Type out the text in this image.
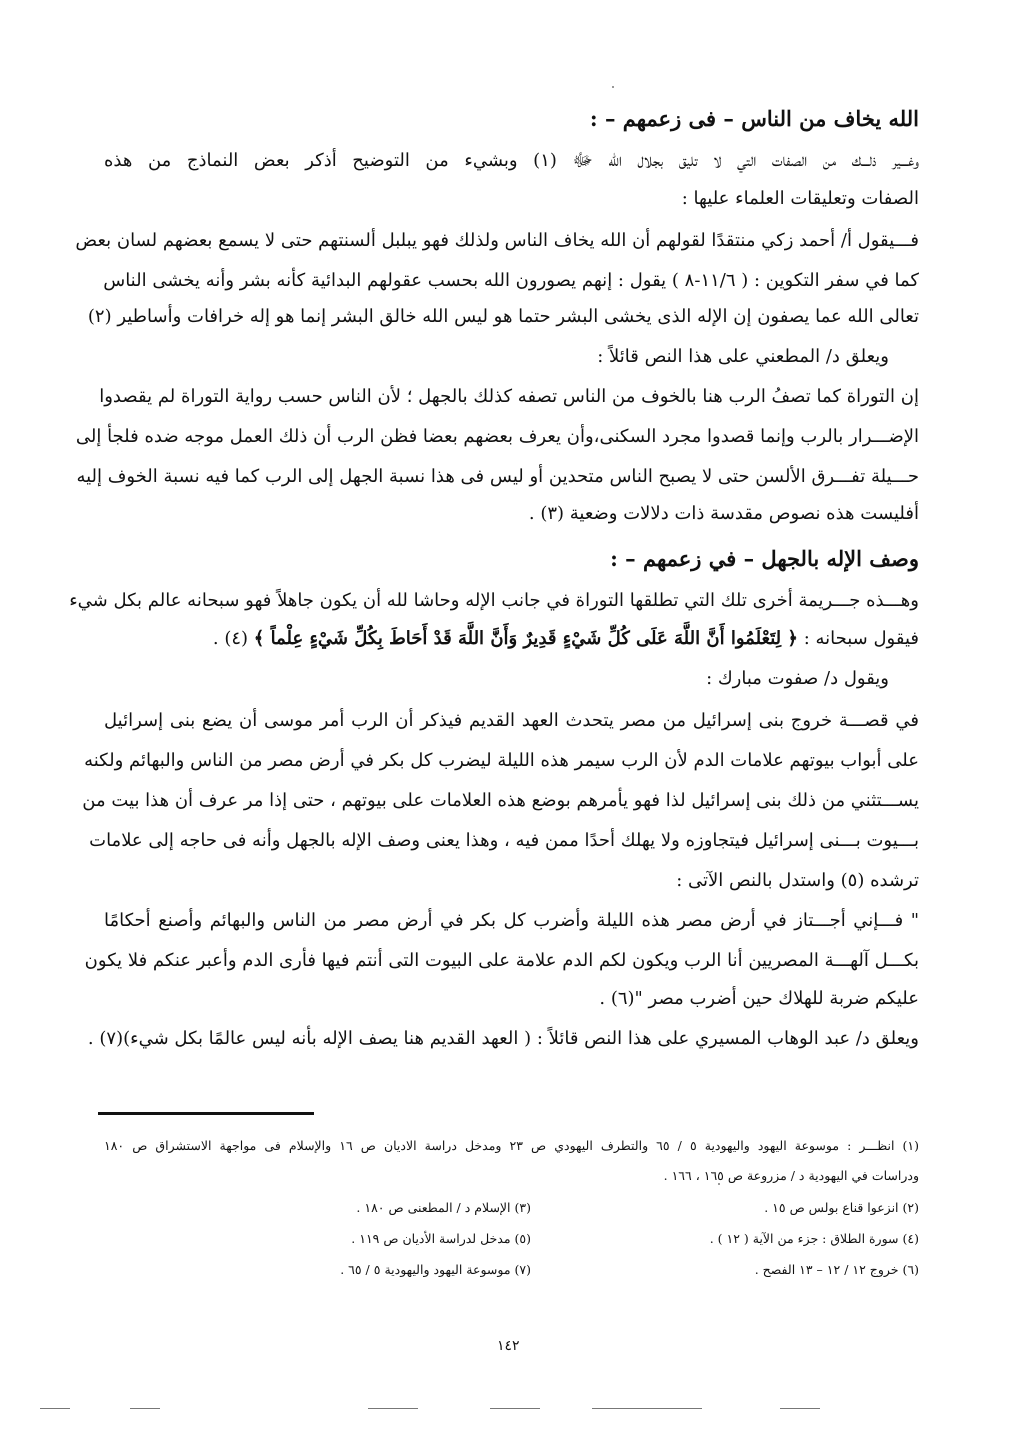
الله يخاف من الناس – فى زعمهم – :
وغـــير ذلـــك من الصفات التي لا تليق بجلال الله ﷻ (١) وبشيء من التوضيح أذكر بعض النماذج من هذه
الصفات وتعليقات العلماء عليها :
فـــيقول أ/ أحمد زكي منتقدًا لقولهم أن الله يخاف الناس ولذلك فهو يبلبل ألسنتهم حتى لا يسمع بعضهم لسان بعض
كما في سفر التكوين : ( ١١/٦-٨ ) يقول : إنهم يصورون الله بحسب عقولهم البدائية كأنه بشر وأنه يخشى الناس
تعالى الله عما يصفون إن الإله الذى يخشى البشر حتما هو ليس الله خالق البشر إنما هو إله خرافات وأساطير (٢)
ويعلق د/ المطعني على هذا النص قائلاً :
إن التوراة كما تصفُ الرب هنا بالخوف من الناس تصفه كذلك بالجهل ؛ لأن الناس حسب رواية التوراة لم يقصدوا
الإضـــرار بالرب وإنما قصدوا مجرد السكنى،وأن يعرف بعضهم بعضا فظن الرب أن ذلك العمل موجه ضده فلجأ إلى
حـــيلة تفـــرق الألسن حتى لا يصبح الناس متحدين أو ليس فى هذا نسبة الجهل إلى الرب كما فيه نسبة الخوف إليه
أفليست هذه نصوص مقدسة ذات دلالات وضعية (٣) .
وصف الإله بالجهل – في زعمهم – :
وهـــذه جـــريمة أخرى تلك التي تطلقها التوراة في جانب الإله وحاشا لله أن يكون جاهلاً فهو سبحانه عالم بكل شيء
فيقول سبحانه : ﴿ لِتَعْلَمُوا أَنَّ اللَّهَ عَلَى كُلِّ شَيْءٍ قَدِيرٌ وَأَنَّ اللَّهَ قَدْ أَحَاطَ بِكُلِّ شَيْءٍ عِلْماً ﴾ (٤) .
ويقول د/ صفوت مبارك :
في قصـــة خروج بنى إسرائيل من مصر يتحدث العهد القديم فيذكر أن الرب أمر موسى أن يضع بنى إسرائيل
على أبواب بيوتهم علامات الدم لأن الرب سيمر هذه الليلة ليضرب كل بكر في أرض مصر من الناس والبهائم ولكنه
يســـتثني من ذلك بنى إسرائيل لذا فهو يأمرهم بوضع هذه العلامات على بيوتهم ، حتى إذا مر عرف أن هذا بيت من
بـــيوت بـــنى إسرائيل فيتجاوزه ولا يهلك أحدًا ممن فيه ، وهذا يعنى وصف الإله بالجهل وأنه فى حاجه إلى علامات
ترشده (٥) واستدل بالنص الآتى :
" فـــإني أجـــتاز في أرض مصر هذه الليلة وأضرب كل بكر في أرض مصر من الناس والبهائم وأصنع أحكامًا
بكـــل آلهـــة المصريين أنا الرب ويكون لكم الدم علامة على البيوت التى أنتم فيها فأرى الدم وأعبر عنكم فلا يكون
عليكم ضربة للهلاك حين أضرب مصر "(٦) .
ويعلق د/ عبد الوهاب المسيري على هذا النص قائلاً : ( العهد القديم هنا يصف الإله بأنه ليس عالمًا بكل شيء)(٧) .
(١) انظـــر : موسوعة اليهود واليهودية ٥ / ٦٥ والتطرف اليهودي ص ٢٣ ومدخل دراسة الاديان ص ١٦ والإسلام فى مواجهة الاستشراق ص ١٨٠
ودراسات في اليهودية د / مزروعة ص ١٦٥ ، ١٦٦ .
(٢) انزعوا قناع بولس ص ١٥ .
(٣) الإسلام د / المطعنى ص ١٨٠ .
(٤) سورة الطلاق : جزء من الآية ( ١٢ ) .
(٥) مدخل لدراسة الأديان ص ١١٩ .
(٦) خروج ١٢ / ١٢ – ١٣ الفصح .
(٧) موسوعة اليهود واليهودية ٥ / ٦٥ .
١٤٢
